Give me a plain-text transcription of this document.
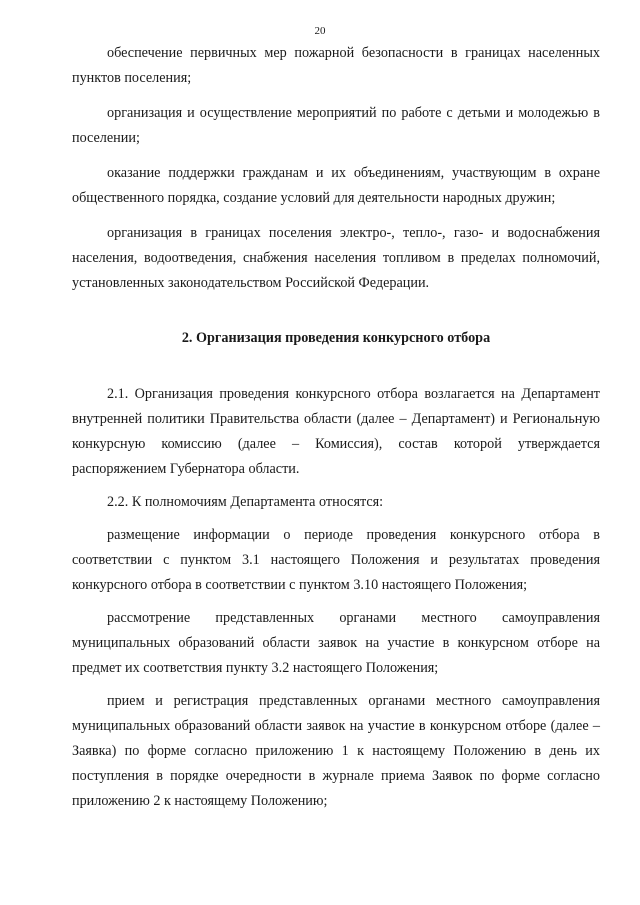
20

обеспечение первичных мер пожарной безопасности в границах населенных пунктов поселения;

организация и осуществление мероприятий по работе с детьми и молодежью в поселении;

оказание поддержки гражданам и их объединениям, участвующим в охране общественного порядка, создание условий для деятельности народных дружин;

организация в границах поселения электро-, тепло-, газо- и водоснабжения населения, водоотведения, снабжения населения топливом в пределах полномочий, установленных законодательством Российской Федерации.

2. Организация проведения конкурсного отбора

2.1. Организация проведения конкурсного отбора возлагается на Департамент внутренней политики Правительства области (далее – Департамент) и Региональную конкурсную комиссию (далее – Комиссия), состав которой утверждается распоряжением Губернатора области.

2.2. К полномочиям Департамента относятся:

размещение информации о периоде проведения конкурсного отбора в соответствии с пунктом 3.1 настоящего Положения и результатах проведения конкурсного отбора в соответствии с пунктом 3.10 настоящего Положения;

рассмотрение представленных органами местного самоуправления муниципальных образований области заявок на участие в конкурсном отборе на предмет их соответствия пункту 3.2 настоящего Положения;

прием и регистрация представленных органами местного самоуправления муниципальных образований области заявок на участие в конкурсном отборе (далее – Заявка) по форме согласно приложению 1 к настоящему Положению в день их поступления в порядке очередности в журнале приема Заявок по форме согласно приложению 2 к настоящему Положению;
